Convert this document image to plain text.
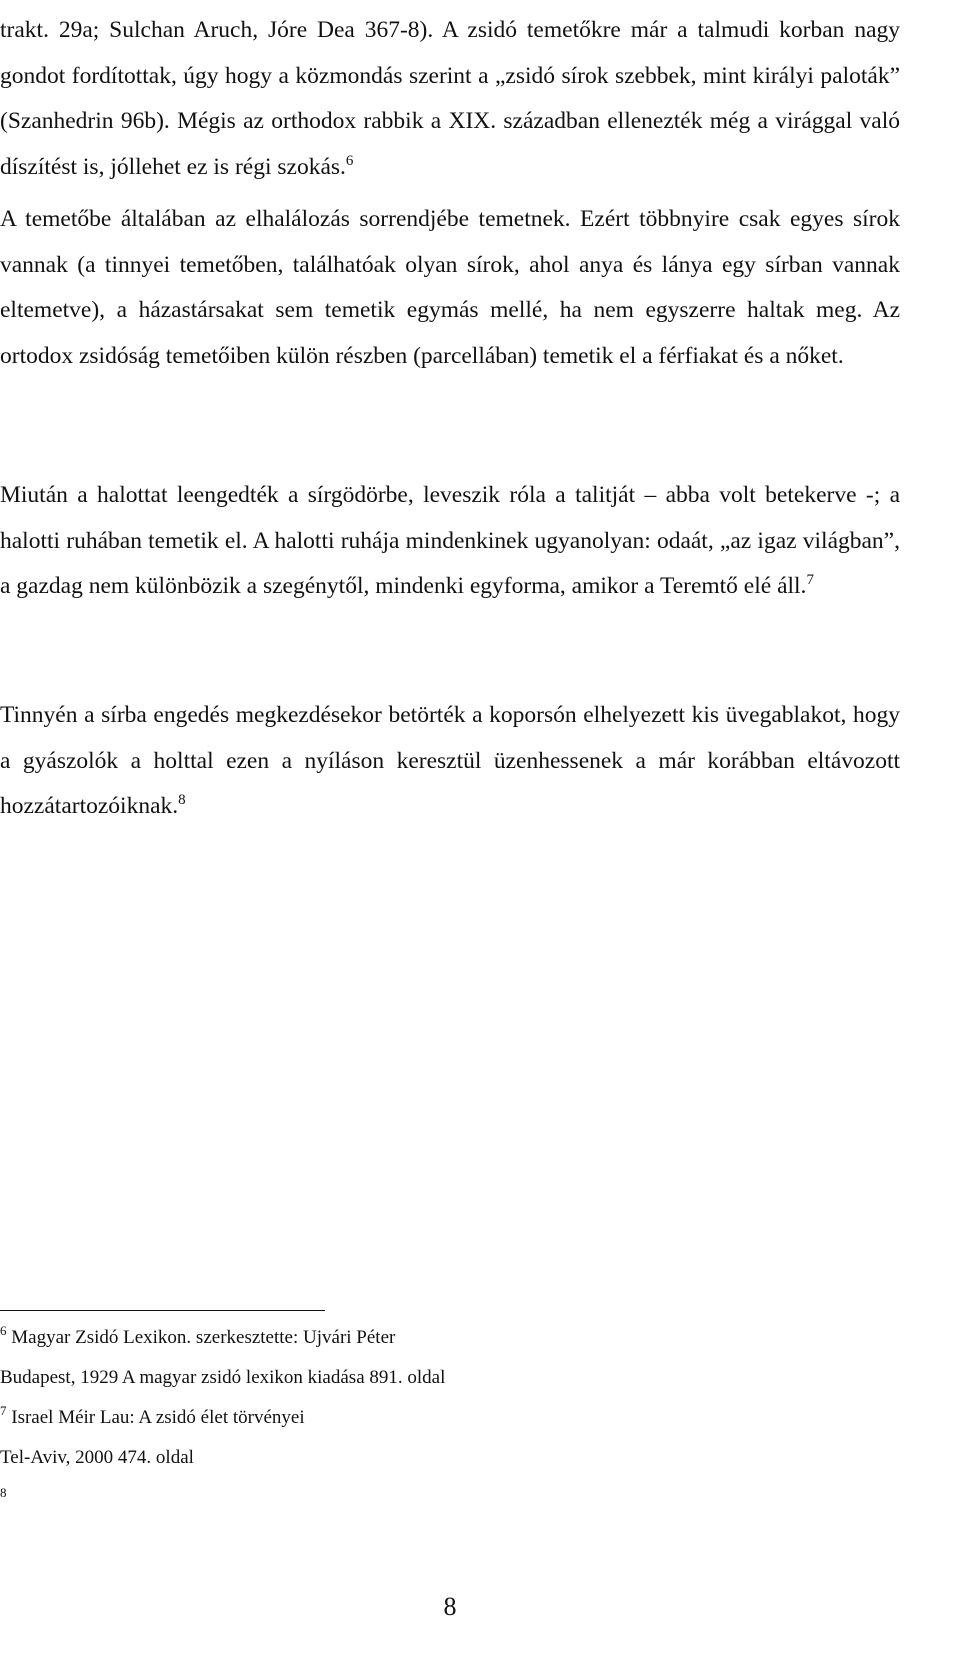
trakt. 29a; Sulchan Aruch, Jóre Dea 367-8). A zsidó temetőkre már a talmudi korban nagy gondot fordítottak, úgy hogy a közmondás szerint a „zsidó sírok szebbek, mint királyi paloták” (Szanhedrin 96b). Mégis az orthodox rabbik a XIX. században ellenezték még a virággal való díszítést is, jóllehet ez is régi szokás.$^6$

A temetőbe általában az elhalálozás sorrendjébe temetnek. Ezért többnyire csak egyes sírok vannak (a tinnyei temetőben, találhatóak olyan sírok, ahol anya és lánya egy sírban vannak eltemetve), a házastársakat sem temetik egymás mellé, ha nem egyszerre haltak meg. Az ortodox zsidóság temetőiben külön részben (parcellában) temetik el a férfiakat és a nőket.

Miután a halottat leengedték a sírgödörbe, leveszik róla a talitját – abba volt betekerve -; a halotti ruhában temetik el. A halotti ruhája mindenkinek ugyanolyan: odaát, „az igaz világban”, a gazdag nem különbözik a szegénytől, mindenki egyforma, amikor a Teremtő elé áll.$^7$

Tinnyén a sírba engedés megkezdésekor betörték a koporsón elhelyezett kis üvegablakot, hogy a gyászolók a holttal ezen a nyíláson keresztül üzenhessenek a már korábban eltávozott hozzátartozóiknak.$^8$

$^6$ Magyar Zsidó Lexikon. szerkesztette: Ujvári Péter
Budapest, 1929 A magyar zsidó lexikon kiadása 891. oldal
$^7$ Israel Méir Lau: A zsidó élet törvényei
Tel-Aviv, 2000 474. oldal
8
8
